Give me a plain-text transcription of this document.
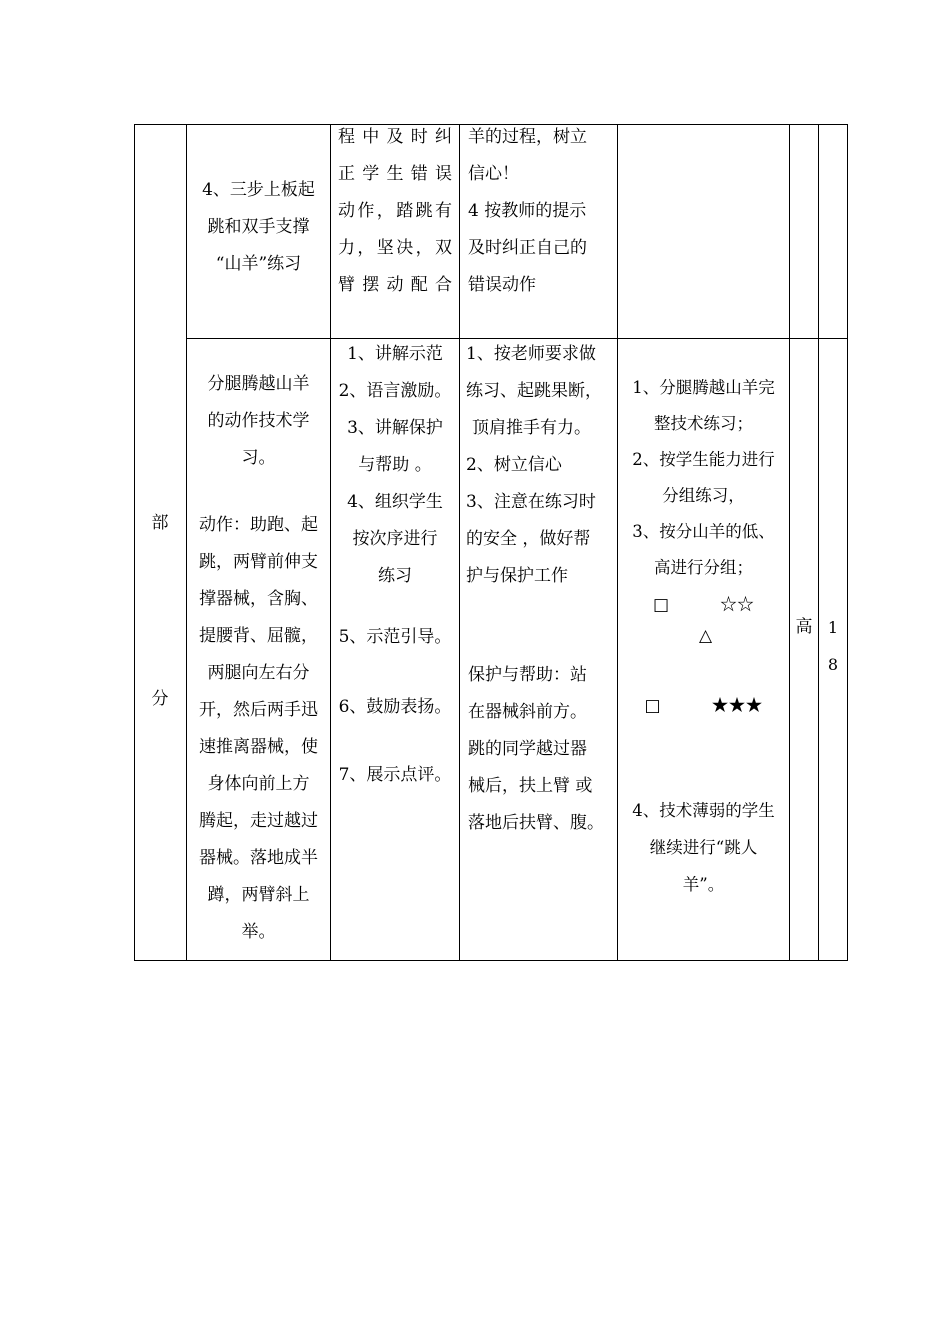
部
分
4、三步上板起
跳和双手支撑
“山羊”练习
程中及时纠
正学生错误
动作，踏跳有
力，坚决，双
臂摆动配合
羊的过程，树立
信心！
4 按教师的提示
及时纠正自己的
错误动作
分腿腾越山羊
的动作技术学
习。
动作：助跑、起
跳，两臂前伸支
撑器械，含胸、
提腰背、屈髋，
两腿向左右分
开，然后两手迅
速推离器械，使
身体向前上方
腾起，走过越过
器械。落地成半
蹲，两臂斜上
举。
1、讲解示范
2、语言激励。
3、讲解保护
与帮助 。
4、组织学生
按次序进行
练习
5、示范引导。
6、鼓励表扬。
7、展示点评。
1、按老师要求做
练习、起跳果断，
顶肩推手有力。
2、树立信心
3、注意在练习时
的安全 ，做好帮
护与保护工作
保护与帮助：站
在器械斜前方。
跳的同学越过器
械后，扶上臂 或
落地后扶臂、腹。
1、分腿腾越山羊完
整技术练习；
2、按学生能力进行
分组练习，
3、按分山羊的低、
高进行分组；
□　　　☆☆
△
□　　　★★★
4、技术薄弱的学生
继续进行“跳人
羊”。
高 1
8
